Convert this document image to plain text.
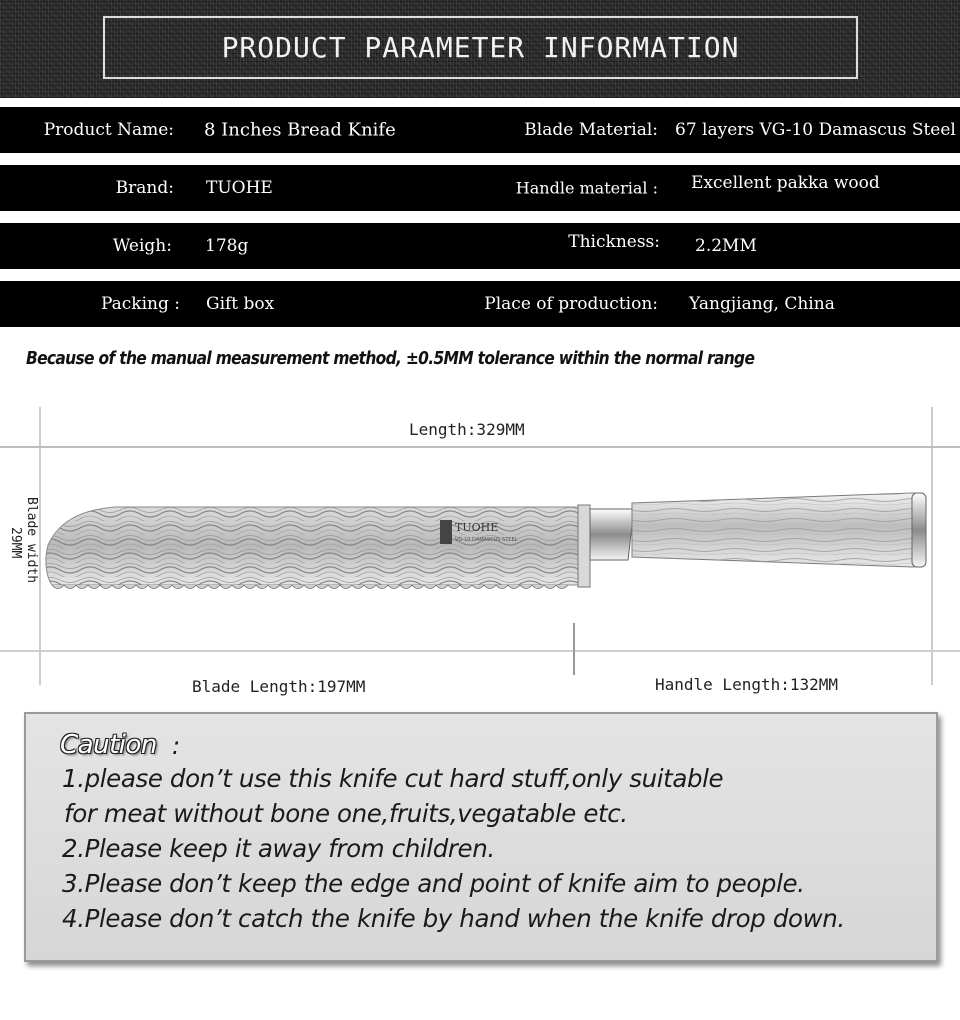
PRODUCT PARAMETER INFORMATION
Product Name: 8 Inches Bread Knife	Blade Material: 67 layers VG-10 Damascus Steel
Brand: TUOHE	Handle material : Excellent pakka wood
Weigh: 178g	Thickness: 2.2MM
Packing : Gift box	Place of production: Yangjiang, China
Because of the manual measurement method, ±0.5MM tolerance within the normal range
TUOHE
VG-10 DAMASCUS STEEL
Length:329MM
Blade Length:197MM	Handle Length:132MM
Blade width
29MM
Caution :
1.please don’t use this knife cut hard stuff,only suitable
for meat without bone one,fruits,vegatable etc.
2.Please keep it away from children.
3.Please don’t keep the edge and point of knife aim to people.
4.Please don’t catch the knife by hand when the knife drop down.
